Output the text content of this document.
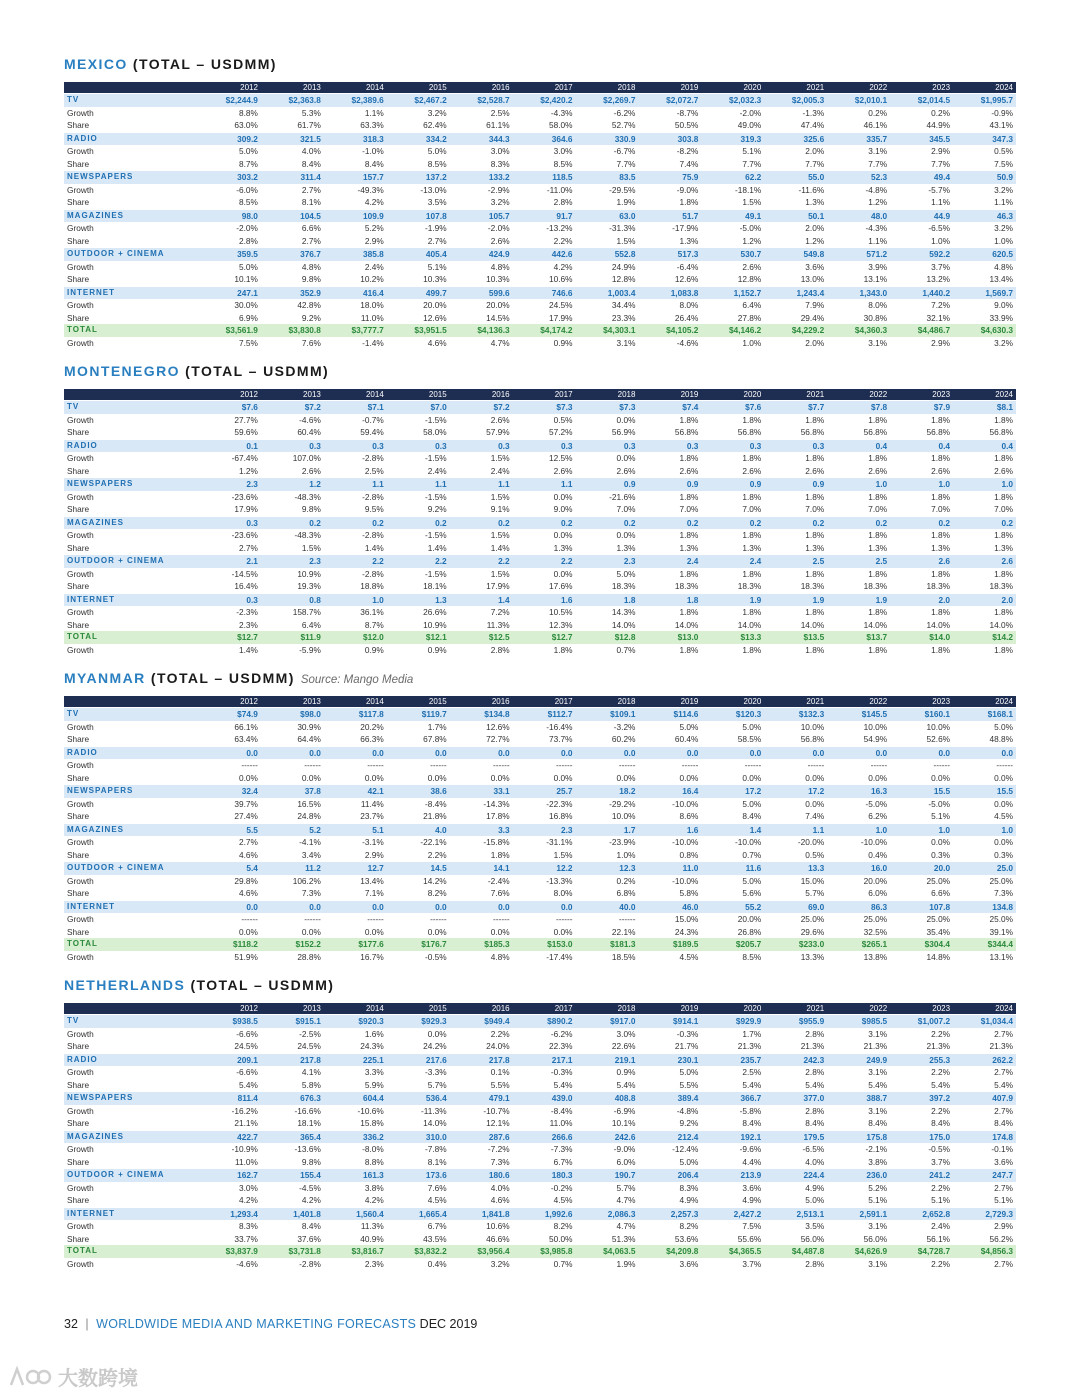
MEXICO (TOTAL – USDMM)
	2012	2013	2014	2015	2016	2017	2018	2019	2020	2021	2022	2023	2024
TV	$2,244.9	$2,363.8	$2,389.6	$2,467.2	$2,528.7	$2,420.2	$2,269.7	$2,072.7	$2,032.3	$2,005.3	$2,010.1	$2,014.5	$1,995.7
Growth	8.8%	5.3%	1.1%	3.2%	2.5%	-4.3%	-6.2%	-8.7%	-2.0%	-1.3%	0.2%	0.2%	-0.9%
Share	63.0%	61.7%	63.3%	62.4%	61.1%	58.0%	52.7%	50.5%	49.0%	47.4%	46.1%	44.9%	43.1%
RADIO	309.2	321.5	318.3	334.2	344.3	364.6	330.9	303.8	319.3	325.6	335.7	345.5	347.3
Growth	5.0%	4.0%	-1.0%	5.0%	3.0%	3.0%	-6.7%	-8.2%	5.1%	2.0%	3.1%	2.9%	0.5%
Share	8.7%	8.4%	8.4%	8.5%	8.3%	8.5%	7.7%	7.4%	7.7%	7.7%	7.7%	7.7%	7.5%
NEWSPAPERS	303.2	311.4	157.7	137.2	133.2	118.5	83.5	75.9	62.2	55.0	52.3	49.4	50.9
Growth	-6.0%	2.7%	-49.3%	-13.0%	-2.9%	-11.0%	-29.5%	-9.0%	-18.1%	-11.6%	-4.8%	-5.7%	3.2%
Share	8.5%	8.1%	4.2%	3.5%	3.2%	2.8%	1.9%	1.8%	1.5%	1.3%	1.2%	1.1%	1.1%
MAGAZINES	98.0	104.5	109.9	107.8	105.7	91.7	63.0	51.7	49.1	50.1	48.0	44.9	46.3
Growth	-2.0%	6.6%	5.2%	-1.9%	-2.0%	-13.2%	-31.3%	-17.9%	-5.0%	2.0%	-4.3%	-6.5%	3.2%
Share	2.8%	2.7%	2.9%	2.7%	2.6%	2.2%	1.5%	1.3%	1.2%	1.2%	1.1%	1.0%	1.0%
OUTDOOR + CINEMA	359.5	376.7	385.8	405.4	424.9	442.6	552.8	517.3	530.7	549.8	571.2	592.2	620.5
Growth	5.0%	4.8%	2.4%	5.1%	4.8%	4.2%	24.9%	-6.4%	2.6%	3.6%	3.9%	3.7%	4.8%
Share	10.1%	9.8%	10.2%	10.3%	10.3%	10.6%	12.8%	12.6%	12.8%	13.0%	13.1%	13.2%	13.4%
INTERNET	247.1	352.9	416.4	499.7	599.6	746.6	1,003.4	1,083.8	1,152.7	1,243.4	1,343.0	1,440.2	1,569.7
Growth	30.0%	42.8%	18.0%	20.0%	20.0%	24.5%	34.4%	8.0%	6.4%	7.9%	8.0%	7.2%	9.0%
Share	6.9%	9.2%	11.0%	12.6%	14.5%	17.9%	23.3%	26.4%	27.8%	29.4%	30.8%	32.1%	33.9%
TOTAL	$3,561.9	$3,830.8	$3,777.7	$3,951.5	$4,136.3	$4,174.2	$4,303.1	$4,105.2	$4,146.2	$4,229.2	$4,360.3	$4,486.7	$4,630.3
Growth	7.5%	7.6%	-1.4%	4.6%	4.7%	0.9%	3.1%	-4.6%	1.0%	2.0%	3.1%	2.9%	3.2%
MONTENEGRO (TOTAL – USDMM)
	2012	2013	2014	2015	2016	2017	2018	2019	2020	2021	2022	2023	2024
TV	$7.6	$7.2	$7.1	$7.0	$7.2	$7.3	$7.3	$7.4	$7.6	$7.7	$7.8	$7.9	$8.1
Growth	27.7%	-4.6%	-0.7%	-1.5%	2.6%	0.5%	0.0%	1.8%	1.8%	1.8%	1.8%	1.8%	1.8%
Share	59.6%	60.4%	59.4%	58.0%	57.9%	57.2%	56.9%	56.8%	56.8%	56.8%	56.8%	56.8%	56.8%
RADIO	0.1	0.3	0.3	0.3	0.3	0.3	0.3	0.3	0.3	0.3	0.4	0.4	0.4
Growth	-67.4%	107.0%	-2.8%	-1.5%	1.5%	12.5%	0.0%	1.8%	1.8%	1.8%	1.8%	1.8%	1.8%
Share	1.2%	2.6%	2.5%	2.4%	2.4%	2.6%	2.6%	2.6%	2.6%	2.6%	2.6%	2.6%	2.6%
NEWSPAPERS	2.3	1.2	1.1	1.1	1.1	1.1	0.9	0.9	0.9	0.9	1.0	1.0	1.0
Growth	-23.6%	-48.3%	-2.8%	-1.5%	1.5%	0.0%	-21.6%	1.8%	1.8%	1.8%	1.8%	1.8%	1.8%
Share	17.9%	9.8%	9.5%	9.2%	9.1%	9.0%	7.0%	7.0%	7.0%	7.0%	7.0%	7.0%	7.0%
MAGAZINES	0.3	0.2	0.2	0.2	0.2	0.2	0.2	0.2	0.2	0.2	0.2	0.2	0.2
Growth	-23.6%	-48.3%	-2.8%	-1.5%	1.5%	0.0%	0.0%	1.8%	1.8%	1.8%	1.8%	1.8%	1.8%
Share	2.7%	1.5%	1.4%	1.4%	1.4%	1.3%	1.3%	1.3%	1.3%	1.3%	1.3%	1.3%	1.3%
OUTDOOR + CINEMA	2.1	2.3	2.2	2.2	2.2	2.2	2.3	2.4	2.4	2.5	2.5	2.6	2.6
Growth	-14.5%	10.9%	-2.8%	-1.5%	1.5%	0.0%	5.0%	1.8%	1.8%	1.8%	1.8%	1.8%	1.8%
Share	16.4%	19.3%	18.8%	18.1%	17.9%	17.6%	18.3%	18.3%	18.3%	18.3%	18.3%	18.3%	18.3%
INTERNET	0.3	0.8	1.0	1.3	1.4	1.6	1.8	1.8	1.9	1.9	1.9	2.0	2.0
Growth	-2.3%	158.7%	36.1%	26.6%	7.2%	10.5%	14.3%	1.8%	1.8%	1.8%	1.8%	1.8%	1.8%
Share	2.3%	6.4%	8.7%	10.9%	11.3%	12.3%	14.0%	14.0%	14.0%	14.0%	14.0%	14.0%	14.0%
TOTAL	$12.7	$11.9	$12.0	$12.1	$12.5	$12.7	$12.8	$13.0	$13.3	$13.5	$13.7	$14.0	$14.2
Growth	1.4%	-5.9%	0.9%	0.9%	2.8%	1.8%	0.7%	1.8%	1.8%	1.8%	1.8%	1.8%	1.8%
MYANMAR (TOTAL – USDMM) Source: Mango Media
	2012	2013	2014	2015	2016	2017	2018	2019	2020	2021	2022	2023	2024
TV	$74.9	$98.0	$117.8	$119.7	$134.8	$112.7	$109.1	$114.6	$120.3	$132.3	$145.5	$160.1	$168.1
Growth	66.1%	30.9%	20.2%	1.7%	12.6%	-16.4%	-3.2%	5.0%	5.0%	10.0%	10.0%	10.0%	5.0%
Share	63.4%	64.4%	66.3%	67.8%	72.7%	73.7%	60.2%	60.4%	58.5%	56.8%	54.9%	52.6%	48.8%
RADIO	0.0	0.0	0.0	0.0	0.0	0.0	0.0	0.0	0.0	0.0	0.0	0.0	0.0
Growth	------	------	------	------	------	------	------	------	------	------	------	------	------
Share	0.0%	0.0%	0.0%	0.0%	0.0%	0.0%	0.0%	0.0%	0.0%	0.0%	0.0%	0.0%	0.0%
NEWSPAPERS	32.4	37.8	42.1	38.6	33.1	25.7	18.2	16.4	17.2	17.2	16.3	15.5	15.5
Growth	39.7%	16.5%	11.4%	-8.4%	-14.3%	-22.3%	-29.2%	-10.0%	5.0%	0.0%	-5.0%	-5.0%	0.0%
Share	27.4%	24.8%	23.7%	21.8%	17.8%	16.8%	10.0%	8.6%	8.4%	7.4%	6.2%	5.1%	4.5%
MAGAZINES	5.5	5.2	5.1	4.0	3.3	2.3	1.7	1.6	1.4	1.1	1.0	1.0	1.0
Growth	2.7%	-4.1%	-3.1%	-22.1%	-15.8%	-31.1%	-23.9%	-10.0%	-10.0%	-20.0%	-10.0%	0.0%	0.0%
Share	4.6%	3.4%	2.9%	2.2%	1.8%	1.5%	1.0%	0.8%	0.7%	0.5%	0.4%	0.3%	0.3%
OUTDOOR + CINEMA	5.4	11.2	12.7	14.5	14.1	12.2	12.3	11.0	11.6	13.3	16.0	20.0	25.0
Growth	29.8%	106.2%	13.4%	14.2%	-2.4%	-13.3%	0.2%	-10.0%	5.0%	15.0%	20.0%	25.0%	25.0%
Share	4.6%	7.3%	7.1%	8.2%	7.6%	8.0%	6.8%	5.8%	5.6%	5.7%	6.0%	6.6%	7.3%
INTERNET	0.0	0.0	0.0	0.0	0.0	0.0	40.0	46.0	55.2	69.0	86.3	107.8	134.8
Growth	------	------	------	------	------	------	------	15.0%	20.0%	25.0%	25.0%	25.0%	25.0%
Share	0.0%	0.0%	0.0%	0.0%	0.0%	0.0%	22.1%	24.3%	26.8%	29.6%	32.5%	35.4%	39.1%
TOTAL	$118.2	$152.2	$177.6	$176.7	$185.3	$153.0	$181.3	$189.5	$205.7	$233.0	$265.1	$304.4	$344.4
Growth	51.9%	28.8%	16.7%	-0.5%	4.8%	-17.4%	18.5%	4.5%	8.5%	13.3%	13.8%	14.8%	13.1%
NETHERLANDS (TOTAL – USDMM)
	2012	2013	2014	2015	2016	2017	2018	2019	2020	2021	2022	2023	2024
TV	$938.5	$915.1	$920.3	$929.3	$949.4	$890.2	$917.0	$914.1	$929.9	$955.9	$985.5	$1,007.2	$1,034.4
Growth	-6.6%	-2.5%	1.6%	0.0%	2.2%	-6.2%	3.0%	-0.3%	1.7%	2.8%	3.1%	2.2%	2.7%
Share	24.5%	24.5%	24.3%	24.2%	24.0%	22.3%	22.6%	21.7%	21.3%	21.3%	21.3%	21.3%	21.3%
RADIO	209.1	217.8	225.1	217.6	217.8	217.1	219.1	230.1	235.7	242.3	249.9	255.3	262.2
Growth	-6.6%	4.1%	3.3%	-3.3%	0.1%	-0.3%	0.9%	5.0%	2.5%	2.8%	3.1%	2.2%	2.7%
Share	5.4%	5.8%	5.9%	5.7%	5.5%	5.4%	5.4%	5.5%	5.4%	5.4%	5.4%	5.4%	5.4%
NEWSPAPERS	811.4	676.3	604.4	536.4	479.1	439.0	408.8	389.4	366.7	377.0	388.7	397.2	407.9
Growth	-16.2%	-16.6%	-10.6%	-11.3%	-10.7%	-8.4%	-6.9%	-4.8%	-5.8%	2.8%	3.1%	2.2%	2.7%
Share	21.1%	18.1%	15.8%	14.0%	12.1%	11.0%	10.1%	9.2%	8.4%	8.4%	8.4%	8.4%	8.4%
MAGAZINES	422.7	365.4	336.2	310.0	287.6	266.6	242.6	212.4	192.1	179.5	175.8	175.0	174.8
Growth	-10.9%	-13.6%	-8.0%	-7.8%	-7.2%	-7.3%	-9.0%	-12.4%	-9.6%	-6.5%	-2.1%	-0.5%	-0.1%
Share	11.0%	9.8%	8.8%	8.1%	7.3%	6.7%	6.0%	5.0%	4.4%	4.0%	3.8%	3.7%	3.6%
OUTDOOR + CINEMA	162.7	155.4	161.3	173.6	180.6	180.3	190.7	206.4	213.9	224.4	236.0	241.2	247.7
Growth	3.0%	-4.5%	3.8%	7.6%	4.0%	-0.2%	5.7%	8.3%	3.6%	4.9%	5.2%	2.2%	2.7%
Share	4.2%	4.2%	4.2%	4.5%	4.6%	4.5%	4.7%	4.9%	4.9%	5.0%	5.1%	5.1%	5.1%
INTERNET	1,293.4	1,401.8	1,560.4	1,665.4	1,841.8	1,992.6	2,086.3	2,257.3	2,427.2	2,513.1	2,591.1	2,652.8	2,729.3
Growth	8.3%	8.4%	11.3%	6.7%	10.6%	8.2%	4.7%	8.2%	7.5%	3.5%	3.1%	2.4%	2.9%
Share	33.7%	37.6%	40.9%	43.5%	46.6%	50.0%	51.3%	53.6%	55.6%	56.0%	56.0%	56.1%	56.2%
TOTAL	$3,837.9	$3,731.8	$3,816.7	$3,832.2	$3,956.4	$3,985.8	$4,063.5	$4,209.8	$4,365.5	$4,487.8	$4,626.9	$4,728.7	$4,856.3
Growth	-4.6%	-2.8%	2.3%	0.4%	3.2%	0.7%	1.9%	3.6%	3.7%	2.8%	3.1%	2.2%	2.7%
32 | WORLDWIDE MEDIA AND MARKETING FORECASTS DEC 2019
大数跨境
